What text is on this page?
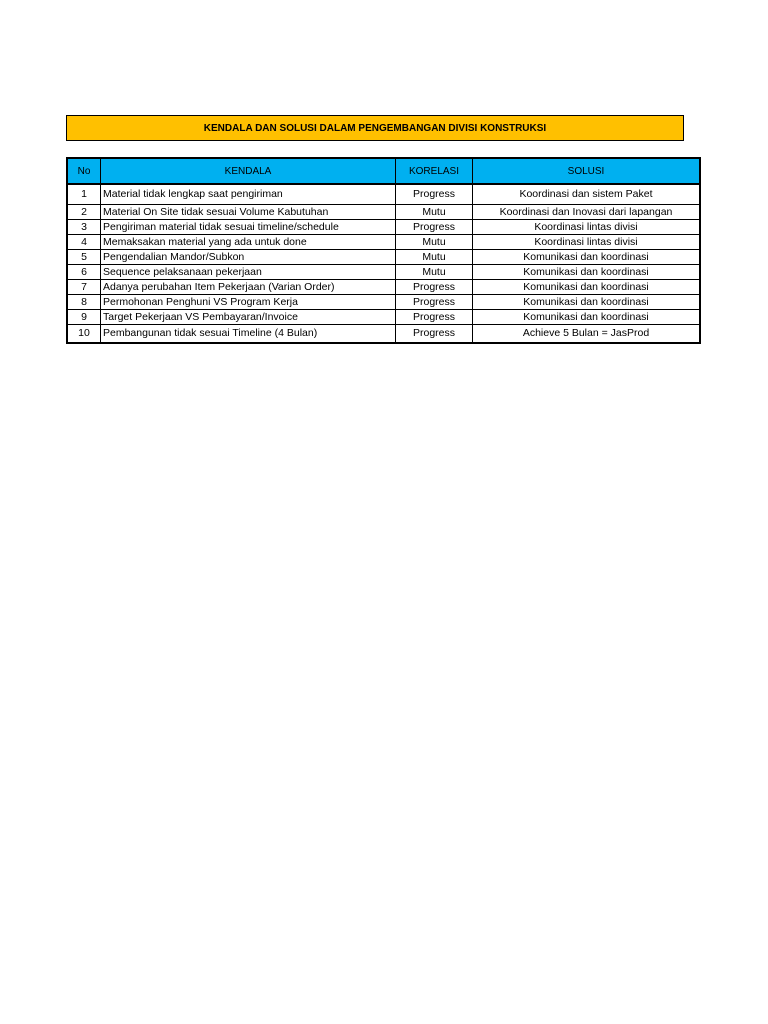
KENDALA DAN SOLUSI DALAM PENGEMBANGAN DIVISI KONSTRUKSI
No	KENDALA	KORELASI	SOLUSI
1	Material tidak lengkap saat pengiriman	Progress	Koordinasi dan sistem Paket
2	Material On Site tidak sesuai Volume Kabutuhan	Mutu	Koordinasi dan Inovasi dari lapangan
3	Pengiriman material tidak sesuai timeline/schedule	Progress	Koordinasi lintas divisi
4	Memaksakan material yang ada untuk done	Mutu	Koordinasi lintas divisi
5	Pengendalian Mandor/Subkon	Mutu	Komunikasi dan koordinasi
6	Sequence pelaksanaan pekerjaan	Mutu	Komunikasi dan koordinasi
7	Adanya perubahan Item Pekerjaan (Varian Order)	Progress	Komunikasi dan koordinasi
8	Permohonan Penghuni VS Program Kerja	Progress	Komunikasi dan koordinasi
9	Target Pekerjaan VS Pembayaran/Invoice	Progress	Komunikasi dan koordinasi
10	Pembangunan tidak sesuai Timeline (4 Bulan)	Progress	Achieve 5 Bulan = JasProd
